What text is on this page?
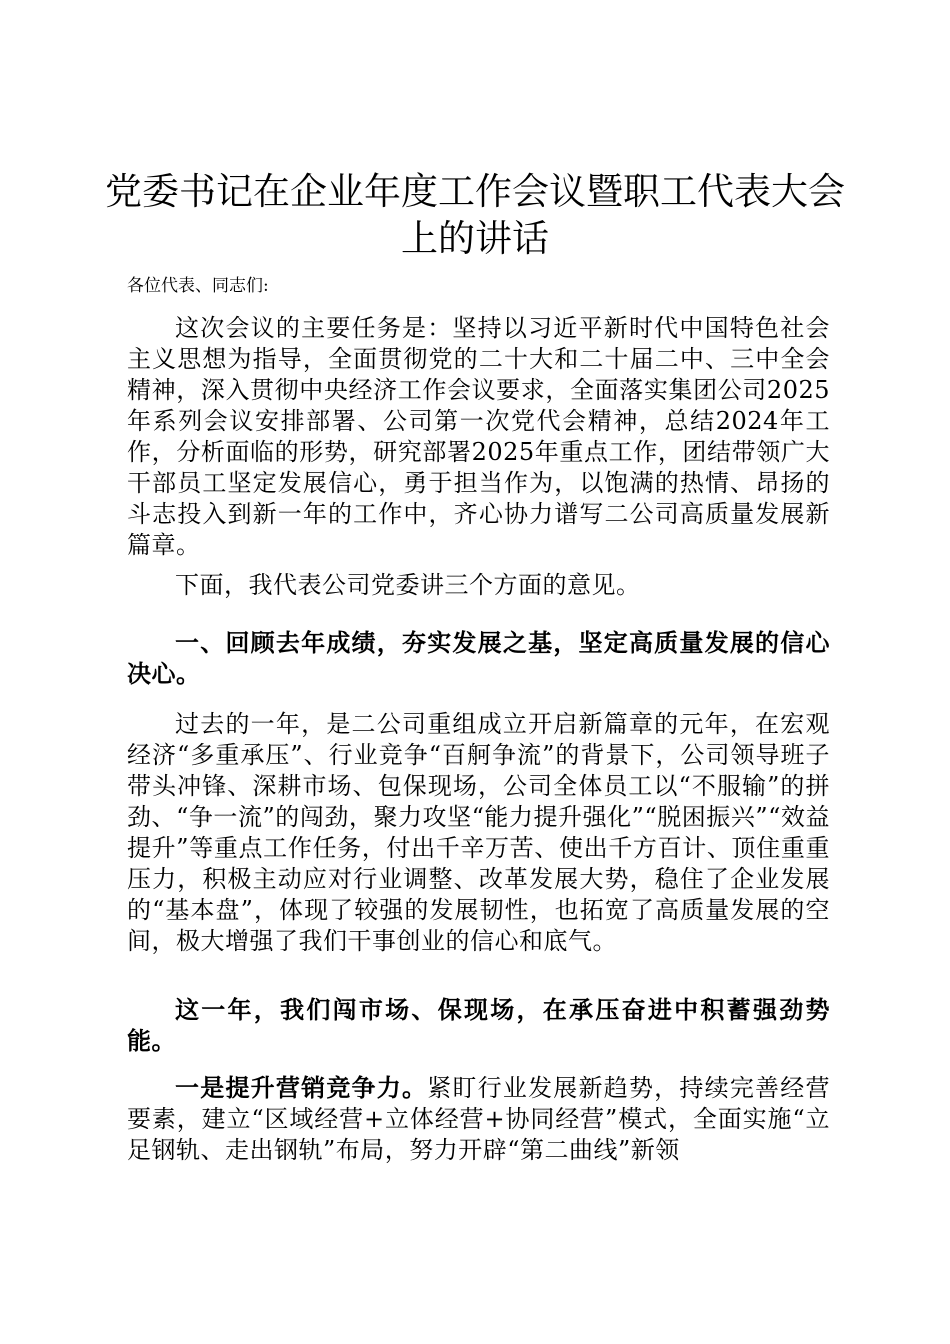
党委书记在企业年度工作会议暨职工代表大会上的讲话

各位代表、同志们:

这次会议的主要任务是：坚持以习近平新时代中国特色社会主义思想为指导，全面贯彻党的二十大和二十届二中、三中全会精神，深入贯彻中央经济工作会议要求，全面落实集团公司2025年系列会议安排部署、公司第一次党代会精神，总结2024年工作，分析面临的形势，研究部署2025年重点工作，团结带领广大干部员工坚定发展信心，勇于担当作为，以饱满的热情、昂扬的斗志投入到新一年的工作中，齐心协力谱写二公司高质量发展新篇章。

下面，我代表公司党委讲三个方面的意见。

一、回顾去年成绩，夯实发展之基，坚定高质量发展的信心决心。

过去的一年，是二公司重组成立开启新篇章的元年，在宏观经济“多重承压”、行业竞争“百舸争流”的背景下，公司领导班子带头冲锋、深耕市场、包保现场，公司全体员工以“不服输”的拼劲、“争一流”的闯劲，聚力攻坚“能力提升强化”“脱困振兴”“效益提升”等重点工作任务，付出千辛万苦、使出千方百计、顶住重重压力，积极主动应对行业调整、改革发展大势，稳住了企业发展的“基本盘”，体现了较强的发展韧性，也拓宽了高质量发展的空间，极大增强了我们干事创业的信心和底气。

这一年，我们闯市场、保现场，在承压奋进中积蓄强劲势能。

一是提升营销竞争力。紧盯行业发展新趋势，持续完善经营要素，建立“区域经营+立体经营+协同经营”模式，全面实施“立足钢轨、走出钢轨”布局，努力开辟“第二曲线”新领
